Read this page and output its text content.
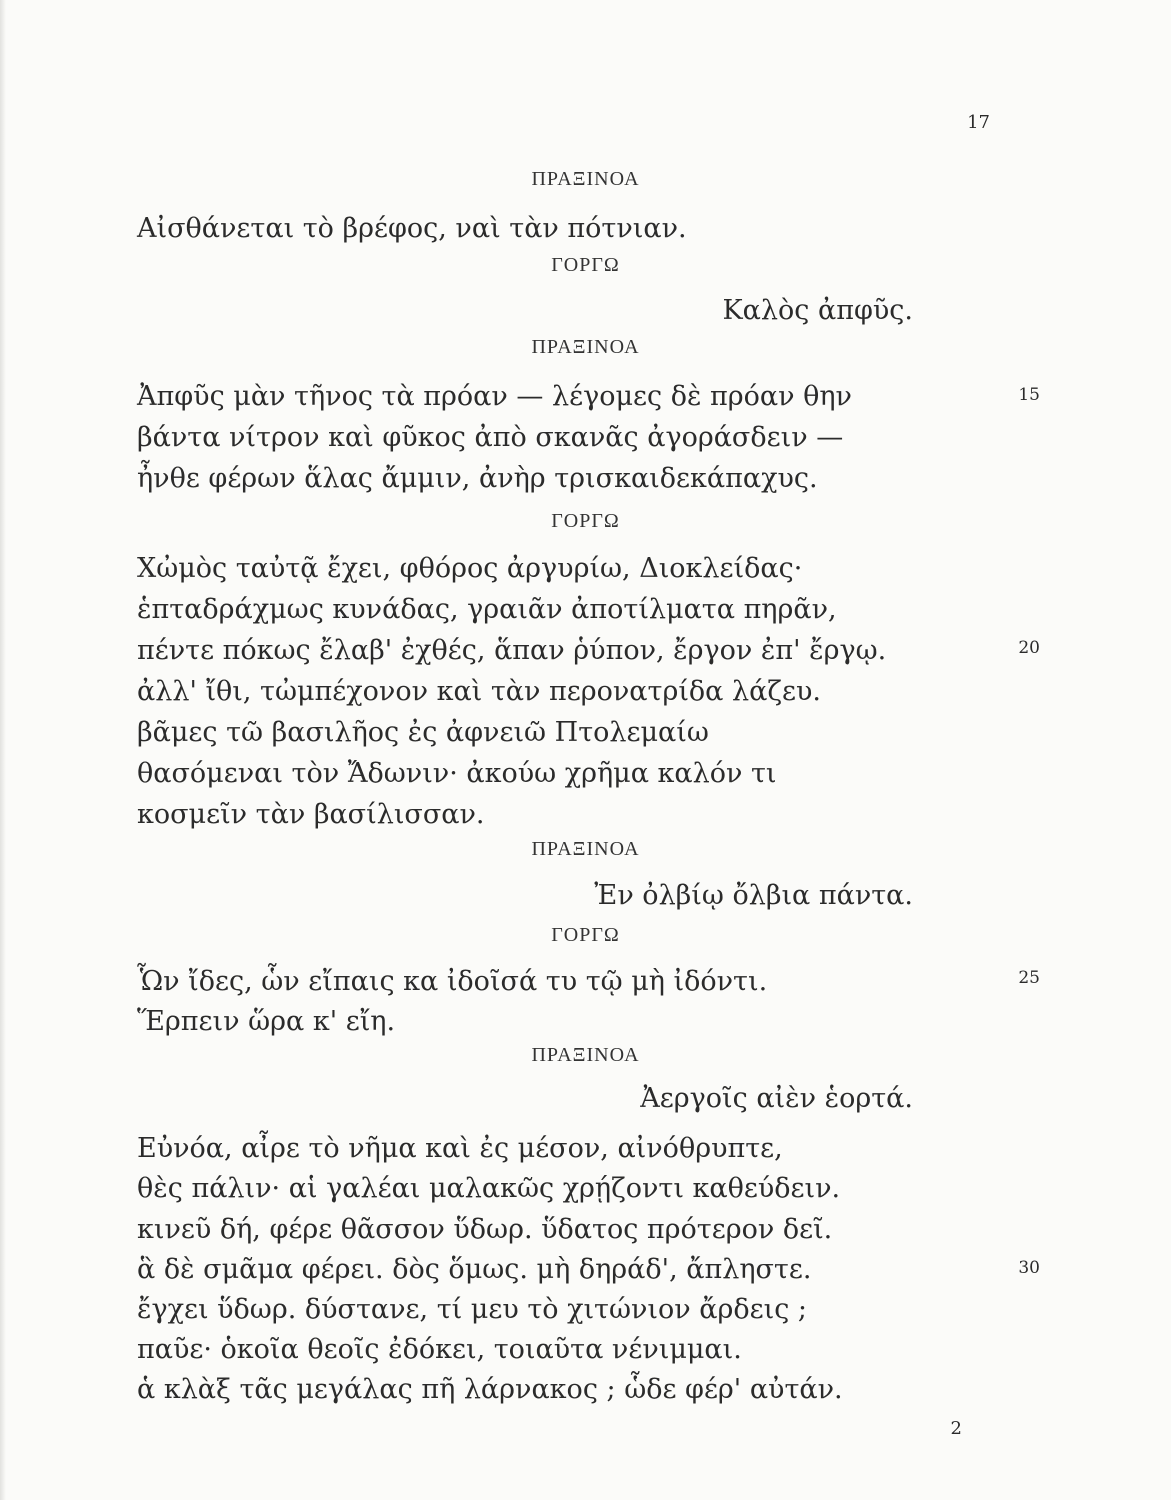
17
ΠΡΑΞΙΝΟΑ
Αἰσθάνεται τὸ βρέφος, ναὶ τὰν πότνιαν.
ΓΟΡΓΩ
Καλὸς ἀπφῦς.
ΠΡΑΞΙΝΟΑ
Ἀπφῦς μὰν τῆνος τὰ πρόαν — λέγομες δὲ πρόαν θην
βάντα νίτρον καὶ φῦκος ἀπὸ σκανᾶς ἀγοράσδειν —
ἦνθε φέρων ἅλας ἄμμιν, ἀνὴρ τρισκαιδεκάπαχυς.
ΓΟΡΓΩ
Χὠμὸς ταὐτᾷ ἔχει, φθόρος ἀργυρίω, Διοκλείδας·
ἑπταδράχμως κυνάδας, γραιᾶν ἀποτίλματα πηρᾶν,
πέντε πόκως ἔλαβ' ἐχθές, ἅπαν ῥύπον, ἔργον ἐπ' ἔργῳ.
ἀλλ' ἴθι, τὠμπέχονον καὶ τὰν περονατρίδα λάζευ.
βᾶμες τῶ βασιλῆος ἐς ἀφνειῶ Πτολεμαίω
θασόμεναι τὸν Ἄδωνιν· ἀκούω χρῆμα καλόν τι
κοσμεῖν τὰν βασίλισσαν.
ΠΡΑΞΙΝΟΑ
Ἐν ὀλβίῳ ὄλβια πάντα.
ΓΟΡΓΩ
Ὧν ἴδες, ὧν εἴπαις κα ἰδοῖσά τυ τῷ μὴ ἰδόντι.
Ἕρπειν ὥρα κ' εἴη.
ΠΡΑΞΙΝΟΑ
Ἀεργοῖς αἰὲν ἑορτά.
Εὐνόα, αἶρε τὸ νῆμα καὶ ἐς μέσον, αἰνόθρυπτε,
θὲς πάλιν· αἱ γαλέαι μαλακῶς χρῄζοντι καθεύδειν.
κινεῦ δή, φέρε θᾶσσον ὕδωρ. ὕδατος πρότερον δεῖ.
ἃ δὲ σμᾶμα φέρει. δὸς ὅμως. μὴ δηράδ', ἄπληστε.
ἔγχει ὕδωρ. δύστανε, τί μευ τὸ χιτώνιον ἄρδεις ;
παῦε· ὁκοῖα θεοῖς ἐδόκει, τοιαῦτα νένιμμαι.
ἁ κλὰξ τᾶς μεγάλας πῆ λάρνακος ; ὧδε φέρ' αὐτάν.
15
20
25
30
2
